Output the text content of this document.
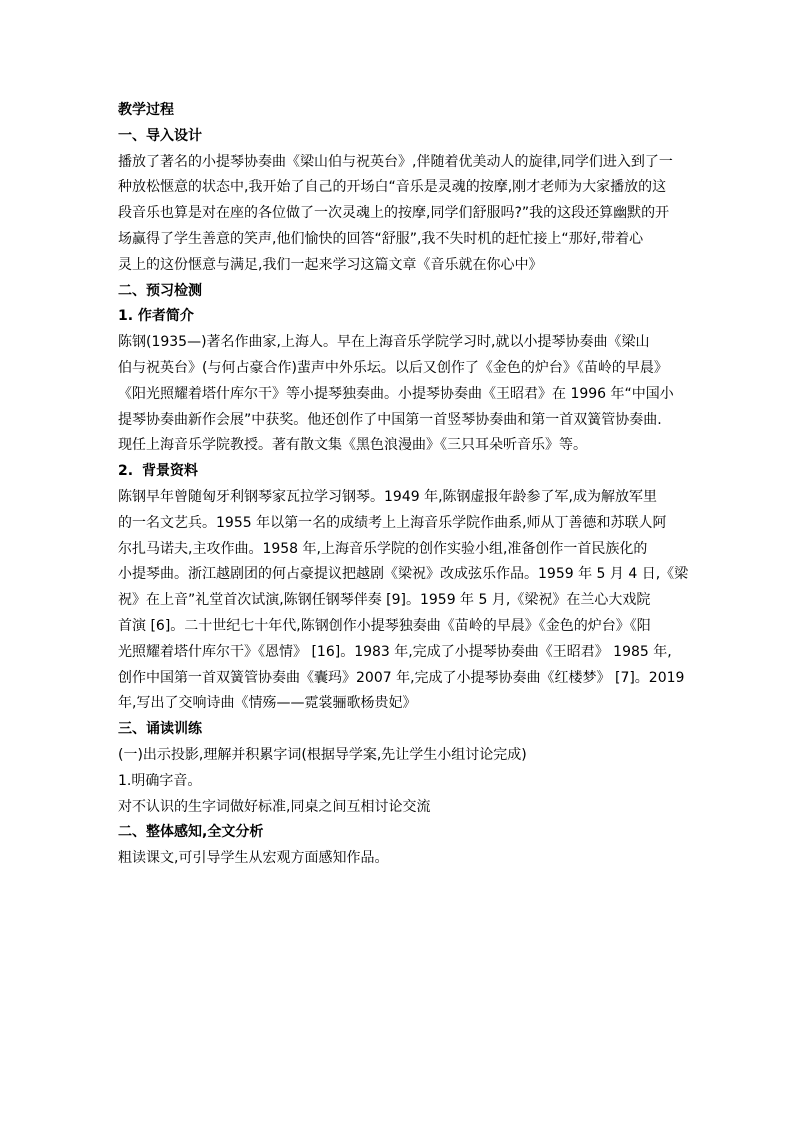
教学过程
一、导入设计
播放了著名的小提琴协奏曲《梁山伯与祝英台》,伴随着优美动人的旋律,同学们进入到了一
种放松惬意的状态中,我开始了自己的开场白“音乐是灵魂的按摩,刚才老师为大家播放的这
段音乐也算是对在座的各位做了一次灵魂上的按摩,同学们舒服吗?”我的这段还算幽默的开
场赢得了学生善意的笑声,他们愉快的回答“舒服”,我不失时机的赶忙接上“那好,带着心
灵上的这份惬意与满足,我们一起来学习这篇文章《音乐就在你心中》
二、预习检测
1. 作者简介
陈钢(1935—)著名作曲家,上海人。早在上海音乐学院学习时,就以小提琴协奏曲《梁山
伯与祝英台》(与何占豪合作)蜚声中外乐坛。以后又创作了《金色的炉台》《苗岭的早晨》
《阳光照耀着塔什库尔干》等小提琴独奏曲。小提琴协奏曲《王昭君》在 1996 年“中国小
提琴协奏曲新作会展”中获奖。他还创作了中国第一首竖琴协奏曲和第一首双簧管协奏曲.
现任上海音乐学院教授。著有散文集《黑色浪漫曲》《三只耳朵听音乐》等。
2. 背景资料
陈钢早年曾随匈牙利钢琴家瓦拉学习钢琴。1949 年,陈钢虚报年龄参了军,成为解放军里
的一名文艺兵。1955 年以第一名的成绩考上上海音乐学院作曲系,师从丁善德和苏联人阿
尔扎马诺夫,主攻作曲。1958 年,上海音乐学院的创作实验小组,准备创作一首民族化的
小提琴曲。浙江越剧团的何占豪提议把越剧《梁祝》改成弦乐作品。1959 年 5 月 4 日,《梁
祝》在上音”礼堂首次试演,陈钢任钢琴伴奏 [9]。1959 年 5 月,《梁祝》在兰心大戏院
首演 [6]。二十世纪七十年代,陈钢创作小提琴独奏曲《苗岭的早晨》《金色的炉台》《阳
光照耀着塔什库尔干》《恩情》 [16]。1983 年,完成了小提琴协奏曲《王昭君》 1985 年,
创作中国第一首双簧管协奏曲《囊玛》2007 年,完成了小提琴协奏曲《红楼梦》 [7]。2019
年,写出了交响诗曲《情殇——霓裳骊歌杨贵妃》
三、诵读训练
(一)出示投影,理解并积累字词(根据导学案,先让学生小组讨论完成)
1.明确字音。
对不认识的生字词做好标准,同桌之间互相讨论交流
二、整体感知,全文分析
粗读课文,可引导学生从宏观方面感知作品。
